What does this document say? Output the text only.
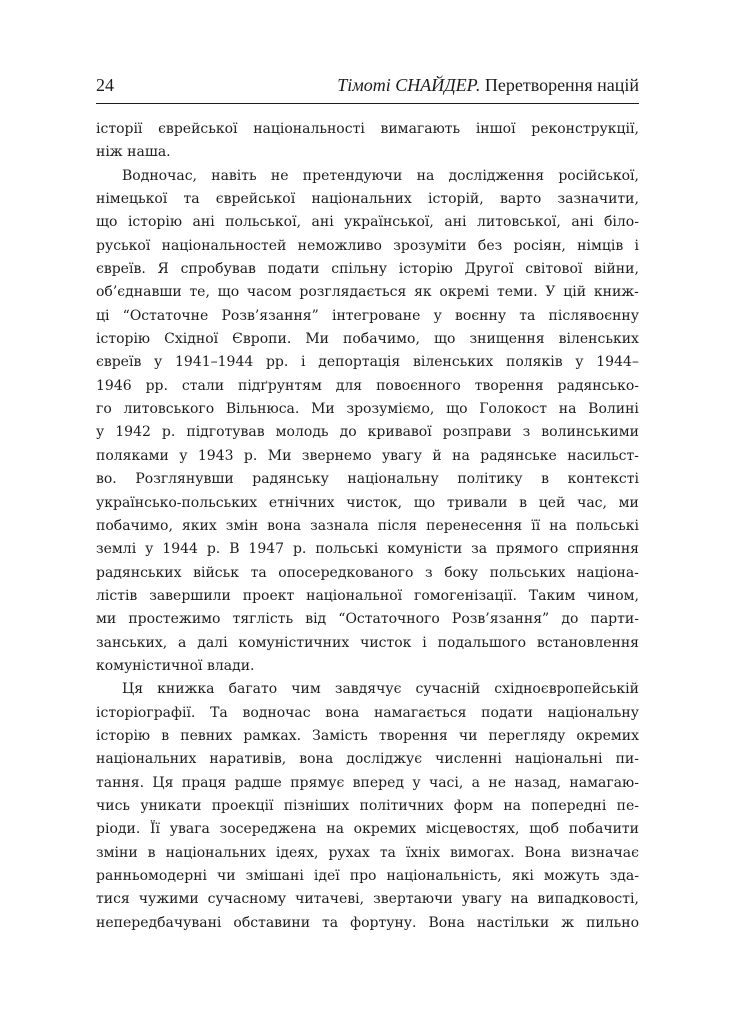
24	Тімоті СНАЙДЕР. Перетворення націй
історії єврейської національності вимагають іншої реконструкції,
ніж наша.
Водночас, навіть не претендуючи на дослідження російської,
німецької та єврейської національних історій, варто зазначити,
що історію ані польської, ані української, ані литовської, ані біло-
руської національностей неможливо зрозуміти без росіян, німців і
євреїв. Я спробував подати спільну історію Другої світової війни,
об’єднавши те, що часом розглядається як окремі теми. У цій книж-
ці “Остаточне Розв’язання” інтегроване у воєнну та післявоєнну
історію Східної Європи. Ми побачимо, що знищення віленських
євреїв у 1941–1944 рр. і депортація віленських поляків у 1944–
1946 рр. стали підґрунтям для повоєнного творення радянсько-
го литовського Вільнюса. Ми зрозуміємо, що Голокост на Волині
у 1942 р. підготував молодь до кривавої розправи з волинськими
поляками у 1943 р. Ми звернемо увагу й на радянське насильст-
во. Розглянувши радянську національну політику в контексті
українсько-польських етнічних чисток, що тривали в цей час, ми
побачимо, яких змін вона зазнала після перенесення її на польські
землі у 1944 р. В 1947 р. польські комуністи за прямого сприяння
радянських військ та опосередкованого з боку польських націона-
лістів завершили проект національної гомогенізації. Таким чином,
ми простежимо тяглість від “Остаточного Розв’язання” до парти-
занських, а далі комуністичних чисток і подальшого встановлення
комуністичної влади.
Ця книжка багато чим завдячує сучасній східноєвропейській
історіографії. Та водночас вона намагається подати національну
історію в певних рамках. Замість творення чи перегляду окремих
національних наративів, вона досліджує численні національні пи-
тання. Ця праця радше прямує вперед у часі, а не назад, намагаю-
чись уникати проекції пізніших політичних форм на попередні пе-
ріоди. Її увага зосереджена на окремих місцевостях, щоб побачити
зміни в національних ідеях, рухах та їхніх вимогах. Вона визначає
ранньомодерні чи змішані ідеї про національність, які можуть зда-
тися чужими сучасному читачеві, звертаючи увагу на випадковості,
непередбачувані обставини та фортуну. Вона настільки ж пильно
